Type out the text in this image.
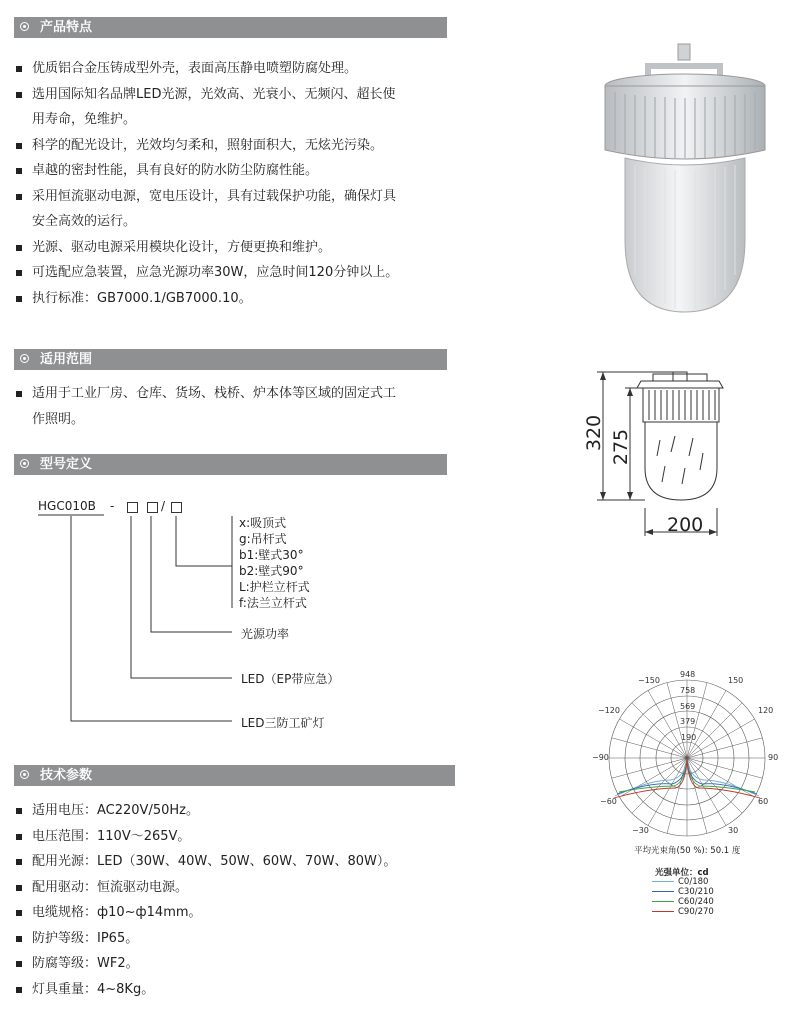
产品特点
优质铝合金压铸成型外壳，表面高压静电喷塑防腐处理。
选用国际知名品牌LED光源，光效高、光衰小、无频闪、超长使
用寿命，免维护。
科学的配光设计，光效均匀柔和，照射面积大，无炫光污染。
卓越的密封性能，具有良好的防水防尘防腐性能。
采用恒流驱动电源，宽电压设计，具有过载保护功能，确保灯具
安全高效的运行。
光源、驱动电源采用模块化设计，方便更换和维护。
可选配应急装置，应急光源功率30W，应急时间120分钟以上。
执行标准：GB7000.1/GB7000.10。
适用范围
适用于工业厂房、仓库、货场、栈桥、炉本体等区域的固定式工
作照明。
型号定义
HGC010B -	/
x:吸顶式
g:吊杆式
b1:壁式30°
b2:壁式90°
L:护栏立杆式
f:法兰立杆式
光源功率
LED（EP带应急）
LED三防工矿灯
技术参数
适用电压：AC220V/50Hz。
电压范围：110V～265V。
配用光源：LED（30W、40W、50W、60W、70W、80W）。
配用驱动：恒流驱动电源。
电缆规格：ф10~ф14mm。
防护等级：IP65。
防腐等级：WF2。
灯具重量：4~8Kg。
320 275
200
−150	150
−120	120
−90	90
−60	60
−30	30
948
758
569
379
190
平均光束角(50 %): 50.1 度
光强单位：cd
C0/180
C30/210
C60/240
C90/270
